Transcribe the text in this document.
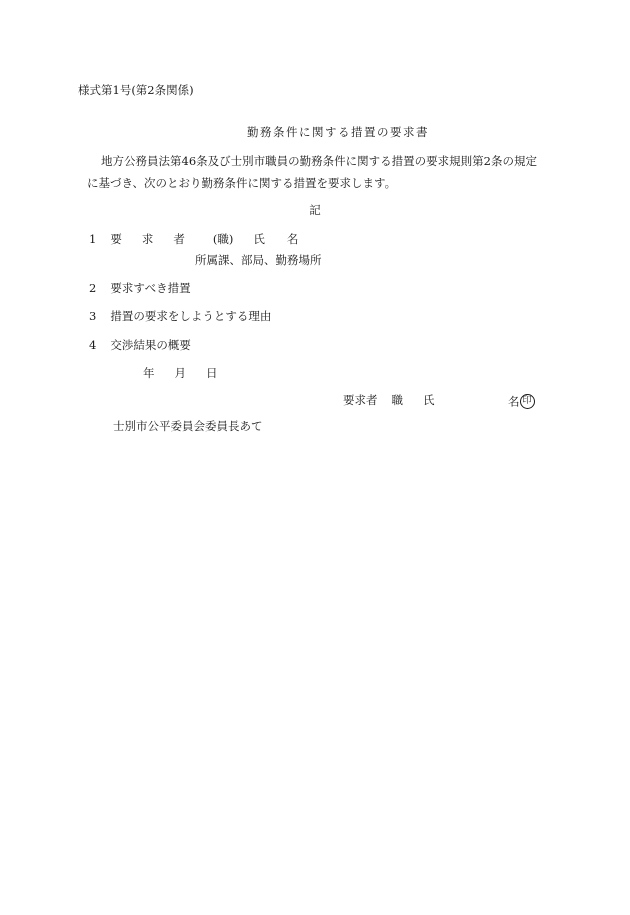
様式第1号(第2条関係)
勤務条件に関する措置の要求書
地方公務員法第46条及び士別市職員の勤務条件に関する措置の要求規則第2条の規定
に基づき、次のとおり勤務条件に関する措置を要求します。
記
1 要 求 者 (職) 氏 名
所属課、部局、勤務場所
2 要求すべき措置
3 措置の要求をしようとする理由
4 交渉結果の概要
年 月 日
要求者 職 氏	名 印
士別市公平委員会委員長あて
